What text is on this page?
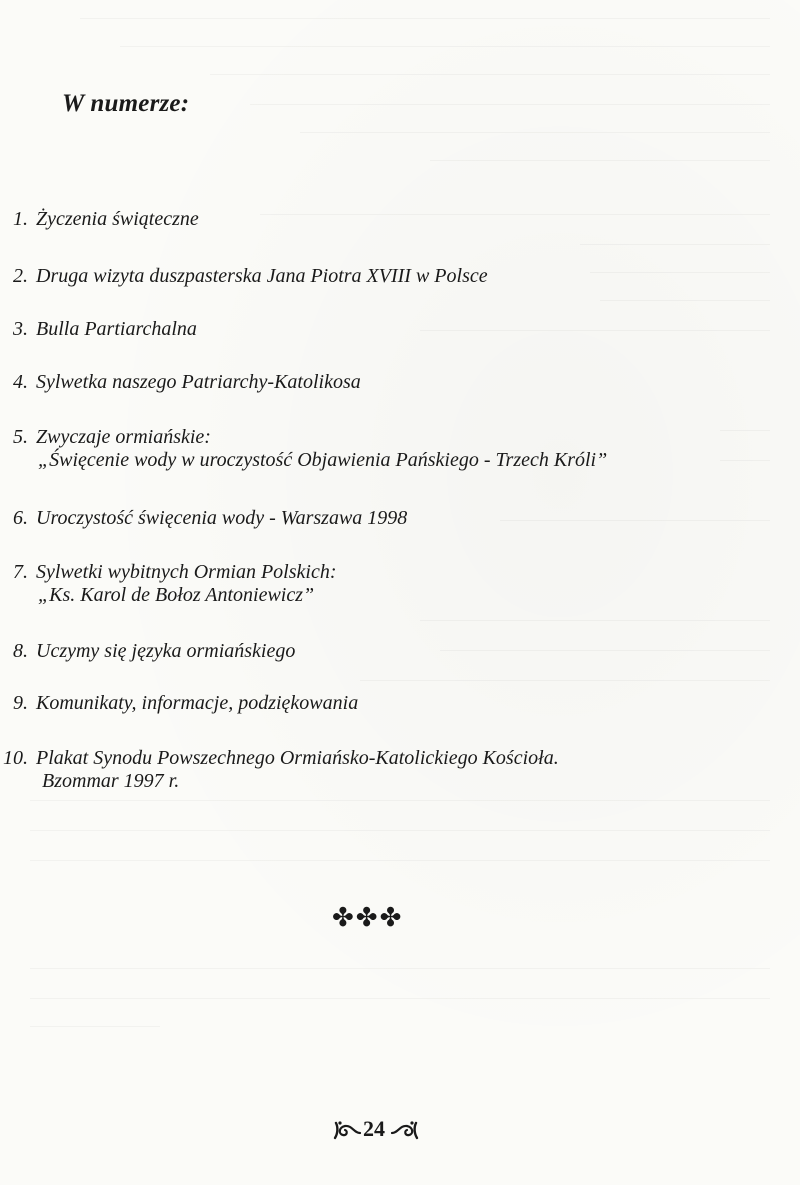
W numerze:
1. Życzenia świąteczne
2. Druga wizyta duszpasterska Jana Piotra XVIII w Polsce
3. Bulla Partiarchalna
4. Sylwetka naszego Patriarchy-Katolikosa
5. Zwyczaje ormiańskie:
„Święcenie wody w uroczystość Objawienia Pańskiego - Trzech Króli”
6. Uroczystość święcenia wody - Warszawa 1998
7. Sylwetki wybitnych Ormian Polskich:
„Ks. Karol de Bołoz Antoniewicz”
8. Uczymy się języka ormiańskiego
9. Komunikaty, informacje, podziękowania
10. Plakat Synodu Powszechnego Ormiańsko-Katolickiego Kościoła.
Bzommar 1997 r.
✤✤✤
24
